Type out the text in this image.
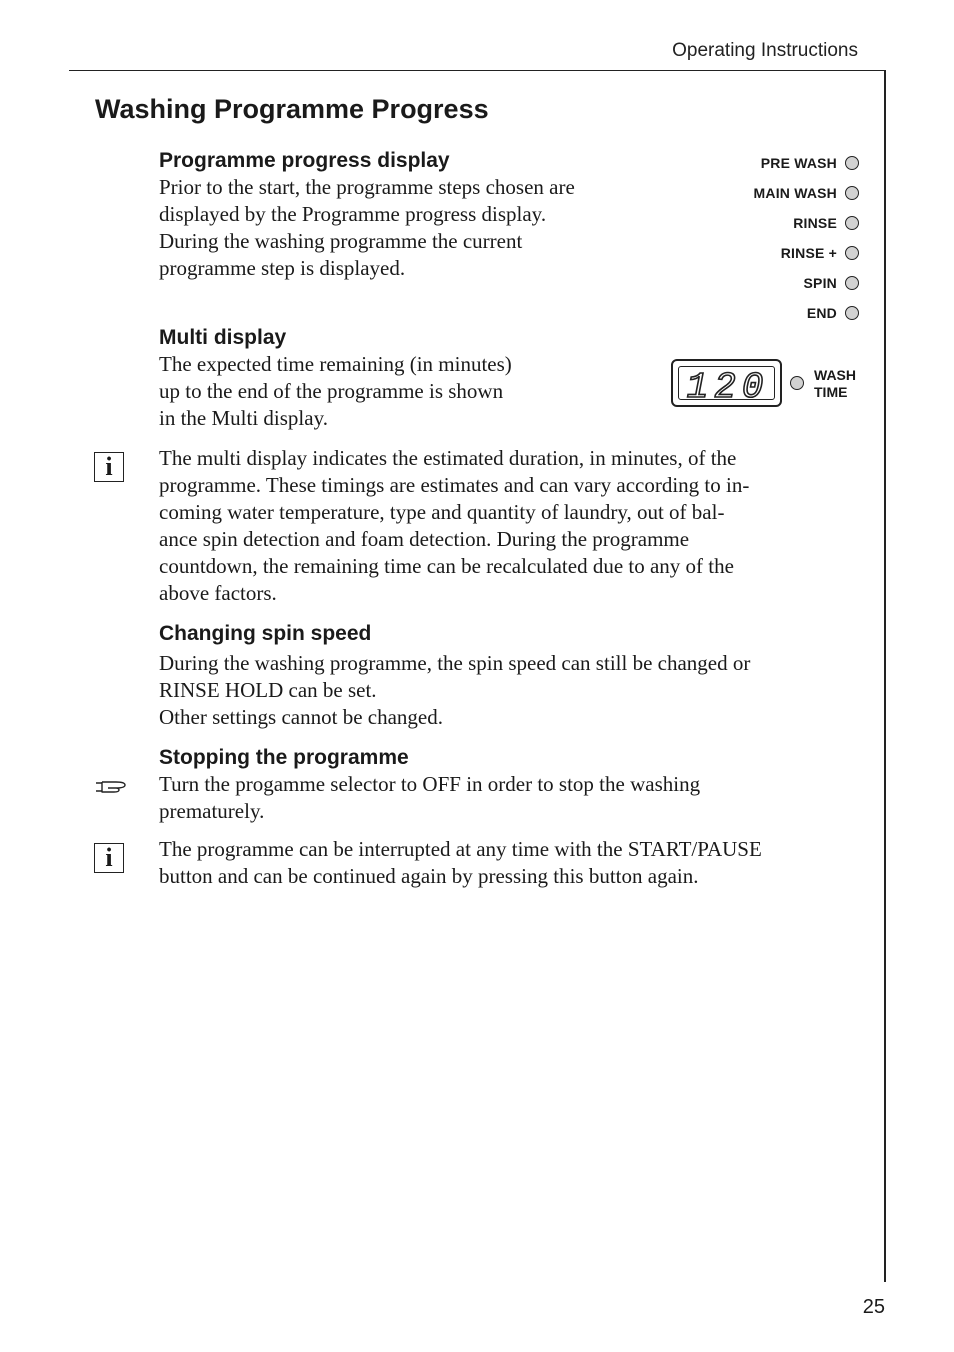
Operating Instructions
Washing Programme Progress
Programme progress display

Prior to the start, the programme steps chosen are
displayed by the Programme progress display.
During the washing programme the current
programme step is displayed.

PRE WASH
MAIN WASH
RINSE
RINSE +
SPIN
END
Multi display

The expected time remaining (in minutes)
up to the end of the programme is shown
in the Multi display.

120	WASH
TIME
i	The multi display indicates the estimated duration, in minutes, of the
programme. These timings are estimates and can vary according to in-
coming water temperature, type and quantity of laundry, out of bal-
ance spin detection and foam detection. During the programme
countdown, the remaining time can be recalculated due to any of the
above factors.

Changing spin speed

During the washing programme, the spin speed can still be changed or
RINSE HOLD can be set.
Other settings cannot be changed.

Stopping the programme

Turn the progamme selector to OFF in order to stop the washing
prematurely.

i	The programme can be interrupted at any time with the START/PAUSE
button and can be continued again by pressing this button again.

25
